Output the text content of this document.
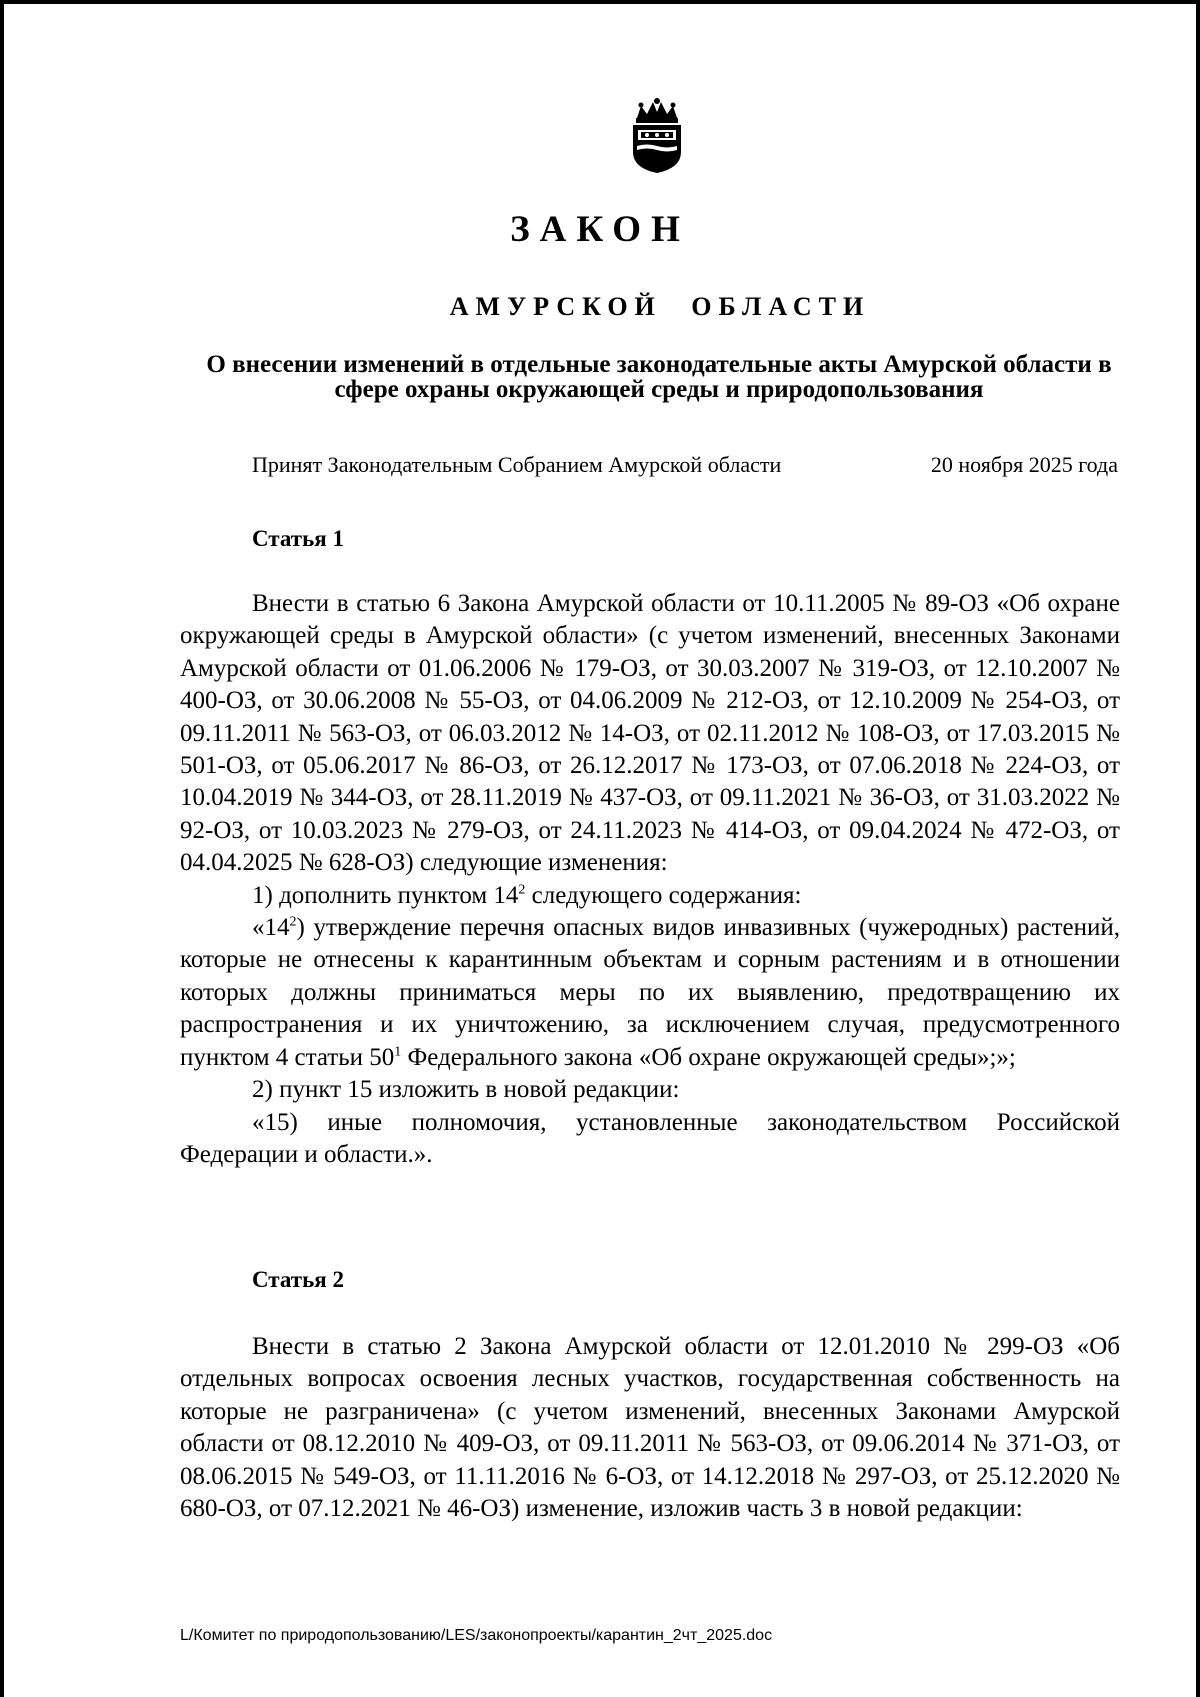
ЗАКОН
АМУРСКОЙ ОБЛАСТИ
О внесении изменений в отдельные законодательные акты Амурской области в сфере охраны окружающей среды и природопользования
Принят Законодательным Собранием Амурской области	20 ноября 2025 года
Статья 1

Внести в статью 6 Закона Амурской области от 10.11.2005 № 89-ОЗ «Об охране окружающей среды в Амурской области» (с учетом изменений, внесенных Законами Амурской области от 01.06.2006 № 179-ОЗ, от 30.03.2007 № 319-ОЗ, от 12.10.2007 № 400-ОЗ, от 30.06.2008 № 55-ОЗ, от 04.06.2009 № 212-ОЗ, от 12.10.2009 № 254-ОЗ, от 09.11.2011 № 563-ОЗ, от 06.03.2012 № 14-ОЗ, от 02.11.2012 № 108-ОЗ, от 17.03.2015 № 501-ОЗ, от 05.06.2017 № 86-ОЗ, от 26.12.2017 № 173-ОЗ, от 07.06.2018 № 224-ОЗ, от 10.04.2019 № 344-ОЗ, от 28.11.2019 № 437-ОЗ, от 09.11.2021 № 36-ОЗ, от 31.03.2022 № 92-ОЗ, от 10.03.2023 № 279-ОЗ, от 24.11.2023 № 414-ОЗ, от 09.04.2024 № 472-ОЗ, от 04.04.2025 № 628-ОЗ) следующие изменения:

1) дополнить пунктом $14^2$ следующего содержания:

«$14^2$) утверждение перечня опасных видов инвазивных (чужеродных) растений, которые не отнесены к карантинным объектам и сорным растениям и в отношении которых должны приниматься меры по их выявлению, предотвращению их распространения и их уничтожению, за исключением случая, предусмотренного пунктом 4 статьи $50^1$ Федерального закона «Об охране окружающей среды»;»;

2) пункт 15 изложить в новой редакции:

«15) иные полномочия, установленные законодательством Российской Федерации и области.».

Статья 2

Внести в статью 2 Закона Амурской области от 12.01.2010 № 299-ОЗ «Об отдельных вопросах освоения лесных участков, государственная собственность на которые не разграничена» (с учетом изменений, внесенных Законами Амурской области от 08.12.2010 № 409-ОЗ, от 09.11.2011 № 563-ОЗ, от 09.06.2014 № 371-ОЗ, от 08.06.2015 № 549-ОЗ, от 11.11.2016 № 6-ОЗ, от 14.12.2018 № 297-ОЗ, от 25.12.2020 № 680-ОЗ, от 07.12.2021 № 46-ОЗ) изменение, изложив часть 3 в новой редакции:

L/Комитет по природопользованию/LES/законопроекты/карантин_2чт_2025.doc
